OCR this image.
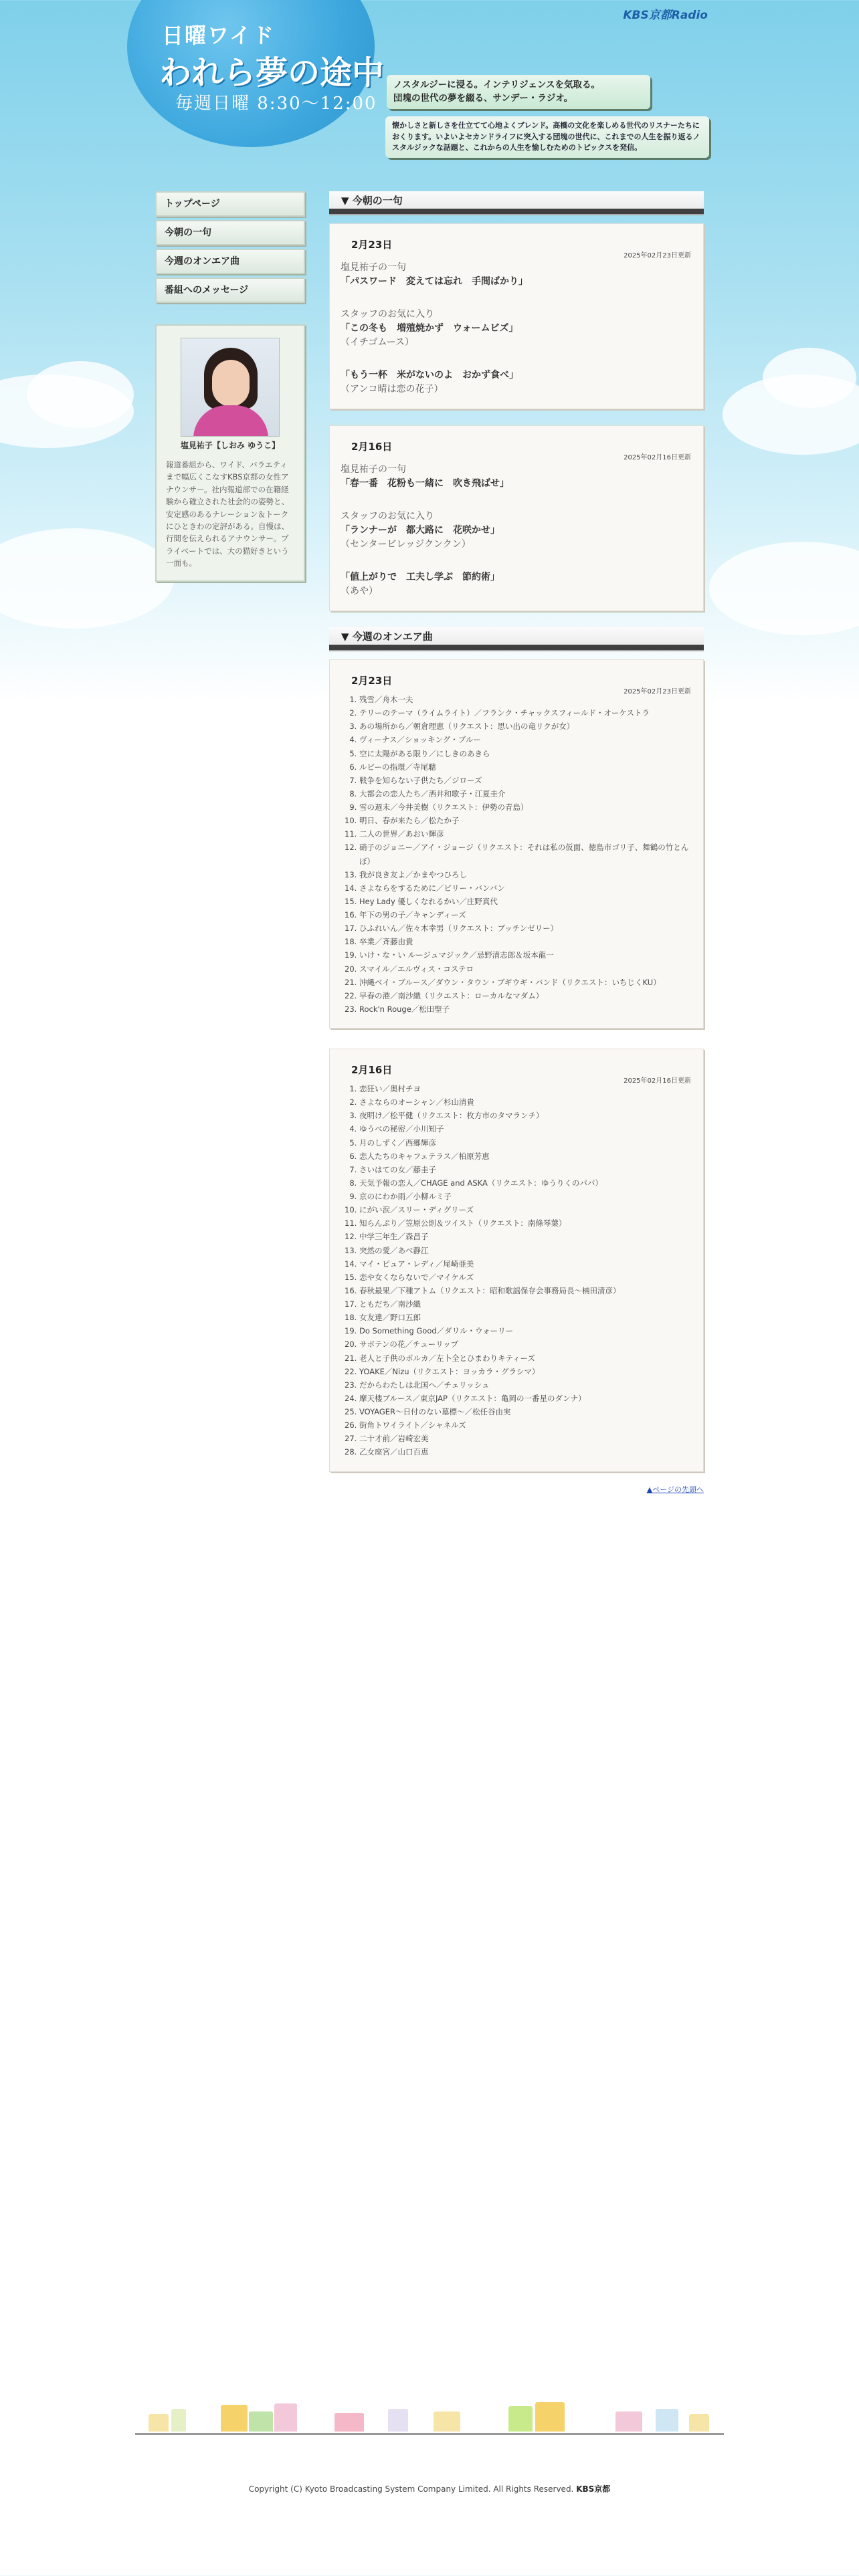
日曜ワイド
われら夢の途中
毎週日曜 8:30～12:00
KBS京都Radio
ノスタルジーに浸る。インテリジェンスを気取る。
団塊の世代の夢を綴る、サンデー・ラジオ。
懐かしさと新しさを仕立てて心地よくブレンド。高橋の文化を楽しめる世代のリスナーたちにおくります。いよいよセカンドライフに突入する団塊の世代に、これまでの人生を振り返るノスタルジックな話題と、これからの人生を愉しむためのトピックスを発信。
トップページ
今朝の一句
今週のオンエア曲
番組へのメッセージ
塩見祐子【しおみ ゆうこ】
報道番組から、ワイド、バラエティまで幅広くこなすKBS京都の女性アナウンサー。社内報道部での在籍経験から確立された社会的の姿勢と、安定感のあるナレーション＆トークにひときわの定評がある。自慢は、行間を伝えられるアナウンサー。プライベートでは、大の猫好きという一面も。
▼ 今朝の一句
2月23日
2025年02月23日更新
塩見祐子の一句
「パスワード　変えては忘れ　手間ばかり」
スタッフのお気に入り
「この冬も　増殖焼かず　ウォームビズ」
（イチゴムース）
「もう一杯　米がないのよ　おかず食べ」
（アンコ晴は恋の花子）
2月16日
2025年02月16日更新
塩見祐子の一句
「春一番　花粉も一緒に　吹き飛ばせ」
スタッフのお気に入り
「ランナーが　都大路に　花咲かせ」
（センタービレッジクンクン）
「値上がりで　工夫し学ぶ　節約術」
（あや）
▼ 今週のオンエア曲
2月23日
2025年02月23日更新
1. 残雪／舟木一夫
2. テリーのテーマ（ライムライト）／フランク・チャックスフィールド・オーケストラ
3. あの場所から／朝倉理恵（リクエスト：思い出の竜リクが女）
4. ヴィーナス／ショッキング・ブルー
5. 空に太陽がある限り／にしきのあきら
6. ルビーの指環／寺尾聰
7. 戦争を知らない子供たち／ジローズ
8. 大都会の恋人たち／酒井和歌子・江夏圭介
9. 雪の週末／今井美樹（リクエスト：伊勢の青島）
10. 明日、春が来たら／松たか子
11. 二人の世界／あおい輝彦
12. 硝子のジョニー／アイ・ジョージ（リクエスト：それは私の仮面、徳島市ゴリ子、舞鶴の竹とんぼ）
13. 我が良き友よ／かまやつひろし
14. さよならをするために／ビリー・バンバン
15. Hey Lady 優しくなれるかい／庄野真代
16. 年下の男の子／キャンディーズ
17. ひふれいん／佐々木幸男（リクエスト：ブッチンゼリー）
18. 卒業／斉藤由貴
19. いけ・な・い ルージュマジック／忌野清志郎＆坂本龍一
20. スマイル／エルヴィス・コステロ
21. 沖縄ベイ・ブルース／ダウン・タウン・ブギウギ・バンド（リクエスト：いちじくKU）
22. 早春の港／南沙織（リクエスト：ローカルなマダム）
23. Rock'n Rouge／松田聖子
2月16日
2025年02月16日更新
1. 恋狂い／奥村チヨ
2. さよならのオーシャン／杉山清貴
3. 夜明け／松平健（リクエスト：枚方市のタマランチ）
4. ゆうべの秘密／小川知子
5. 月のしずく／西郷輝彦
6. 恋人たちのキャフェテラス／柏原芳恵
7. さいはての女／藤圭子
8. 天気予報の恋人／CHAGE and ASKA（リクエスト：ゆうりくのパパ）
9. 京のにわか雨／小柳ルミ子
10. にがい涙／スリー・ディグリーズ
11. 知らんぷり／笠原公則＆ツイスト（リクエスト：南條琴葉）
12. 中学三年生／森昌子
13. 突然の愛／あべ静江
14. マイ・ピュア・レディ／尾崎亜美
15. 恋や女くならないで／マイケルズ
16. 春秋最果／下種アトム（リクエスト：昭和歌謡保存会事務局長〜楠田清彦）
17. ともだち／南沙織
18. 女友達／野口五郎
19. Do Something Good／ダリル・ウォーリー
20. サボテンの花／チューリップ
21. 老人と子供のポルカ／左卜全とひまわりキティーズ
22. YOAKE／Nizu（リクエスト：ヨッカラ・グラシマ）
23. だからわたしは北国へ／チェリッシュ
24. 摩天楼ブルース／東京JAP（リクエスト：亀岡の一番星のダンナ）
25. VOYAGER〜日付のない墓標〜／松任谷由実
26. 街角トワイライト／シャネルズ
27. 二十才前／岩崎宏美
28. 乙女座宮／山口百恵
▲ページの先頭へ
Copyright (C) Kyoto Broadcasting System Company Limited. All Rights Reserved. KBS京都
